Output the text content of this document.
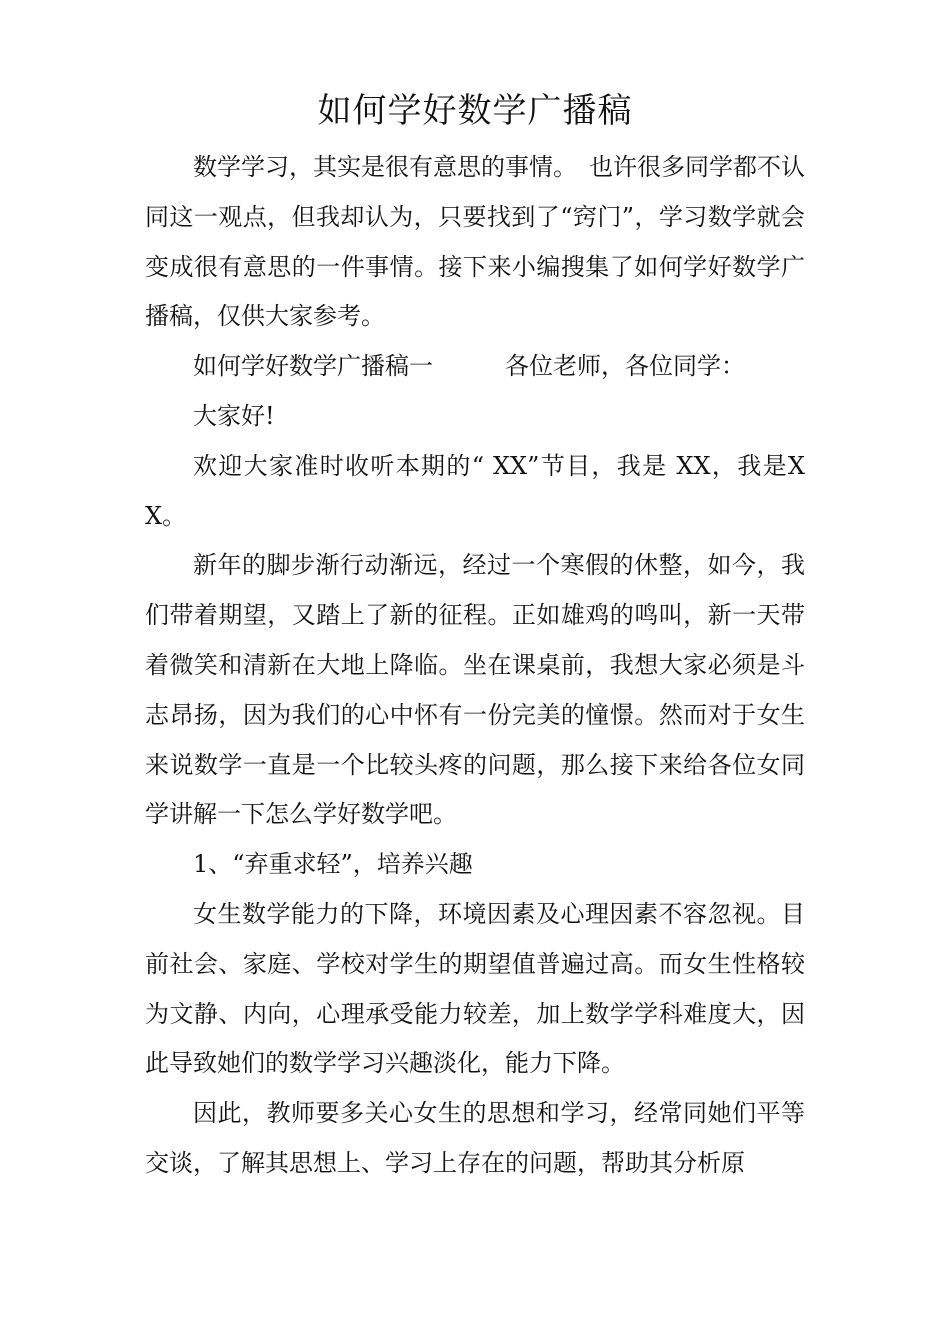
如何学好数学广播稿

数学学习，其实是很有意思的事情。　也许很多同学都不认同这一观点，但我却认为，只要找到了“窍门”，学习数学就会变成很有意思的一件事情。接下来小编搜集了如何学好数学广播稿，仅供大家参考。

如何学好数学广播稿一　　　各位老师，各位同学：

大家好!

欢迎大家准时收听本期的“ XX”节目，我是 XX，我是XX。

新年的脚步渐行动渐远，经过一个寒假的休整，如今，我们带着期望，又踏上了新的征程。正如雄鸡的鸣叫，新一天带着微笑和清新在大地上降临。坐在课桌前，我想大家必须是斗志昂扬，因为我们的心中怀有一份完美的憧憬。然而对于女生来说数学一直是一个比较头疼的问题，那么接下来给各位女同学讲解一下怎么学好数学吧。

1、“弃重求轻”，培养兴趣

女生数学能力的下降，环境因素及心理因素不容忽视。目前社会、家庭、学校对学生的期望值普遍过高。而女生性格较为文静、内向，心理承受能力较差，加上数学学科难度大，因此导致她们的数学学习兴趣淡化，能力下降。

因此，教师要多关心女生的思想和学习，经常同她们平等交谈，了解其思想上、学习上存在的问题，帮助其分析原
